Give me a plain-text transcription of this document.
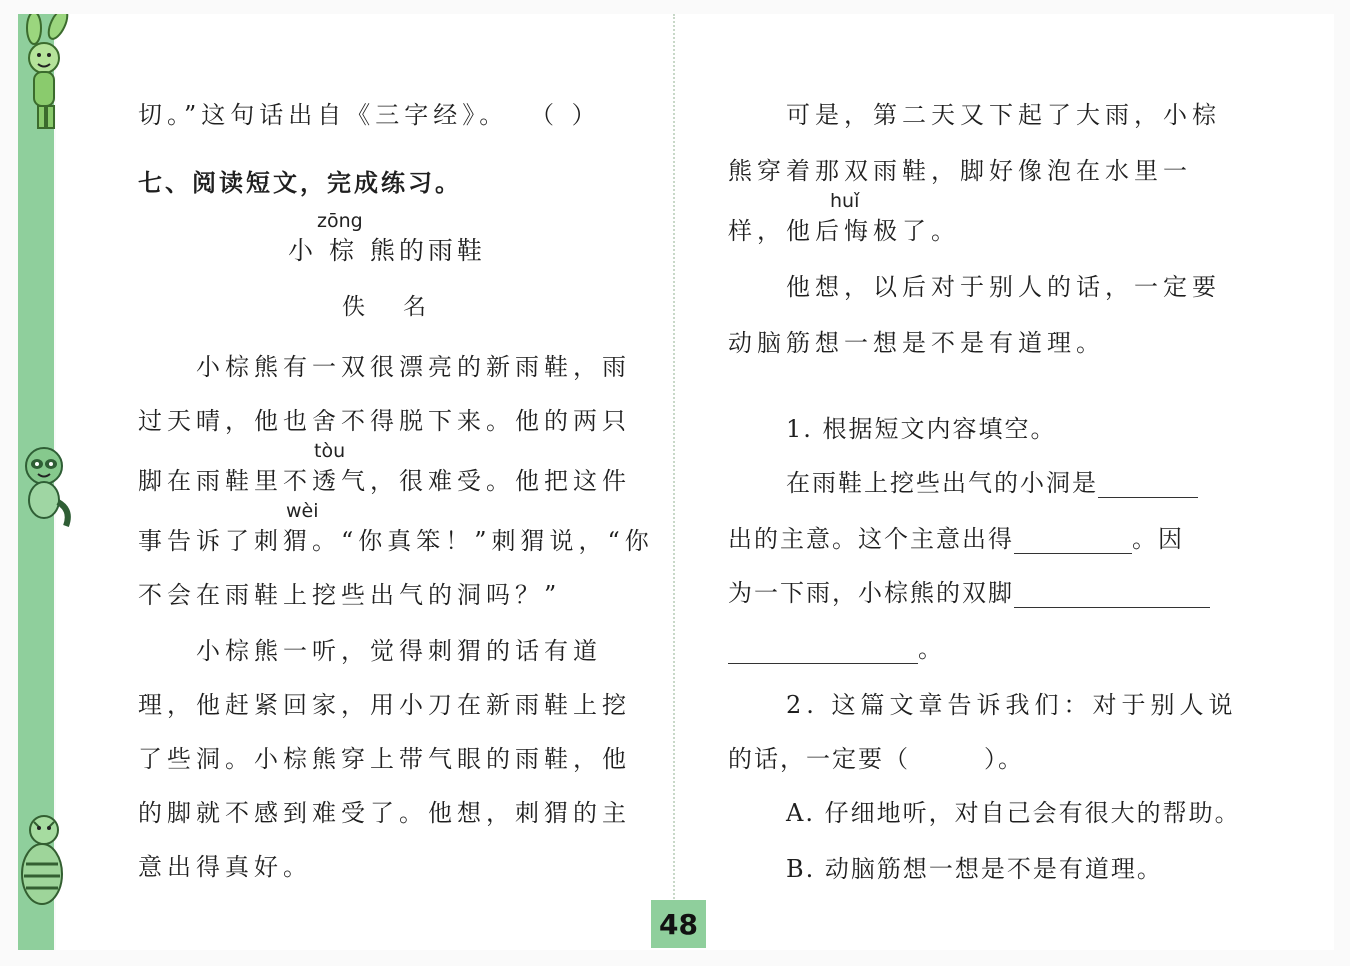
切。”这句话出自《三字经》。 （ ）
七、阅读短文，完成练习。
zōng
小 棕 熊的雨鞋
佚名
小棕熊有一双很漂亮的新雨鞋，雨
过天晴，他也舍不得脱下来。他的两只
tòu
脚在雨鞋里不透气，很难受。他把这件
wèi
事告诉了刺猬。“你真笨！”刺猬说，“你
不会在雨鞋上挖些出气的洞吗？”
小棕熊一听，觉得刺猬的话有道
理，他赶紧回家，用小刀在新雨鞋上挖
了些洞。小棕熊穿上带气眼的雨鞋，他
的脚就不感到难受了。他想，刺猬的主
意出得真好。
可是，第二天又下起了大雨，小棕
熊穿着那双雨鞋，脚好像泡在水里一
huǐ
样，他后悔极了。
他想，以后对于别人的话，一定要
动脑筋想一想是不是有道理。
1. 根据短文内容填空。
在雨鞋上挖些出气的小洞是
出的主意。这个主意出得	。因
为一下雨，小棕熊的双脚
。
2. 这篇文章告诉我们：对于别人说
的话，一定要（	）。
A. 仔细地听，对自己会有很大的帮助。
B. 动脑筋想一想是不是有道理。
48
